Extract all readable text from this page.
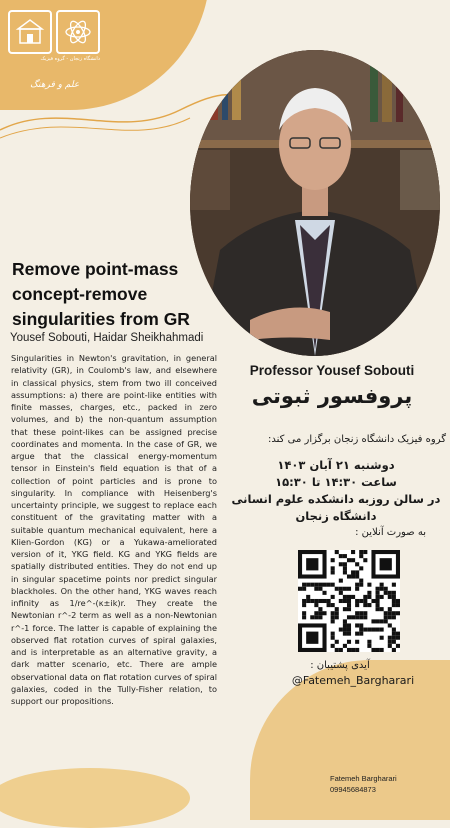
دانشگاه زنجان - گروه فیزیک
علم و فرهنگ
Remove point-mass concept-remove singularities from GR
Yousef Sobouti, Haidar Sheikhahmadi
Singularities in Newton's gravitation, in general relativity (GR), in Coulomb's law, and elsewhere in classical physics, stem from two ill conceived assumptions: a) there are point-like entities with finite masses, charges, etc., packed in zero volumes, and b) the non-quantum assumption that these point-likes can be assigned precise coordinates and momenta. In the case of GR, we argue that the classical energy-momentum tensor in Einstein's field equation is that of a collection of point particles and is prone to singularity. In compliance with Heisenberg's uncertainty principle, we suggest to replace each constituent of the gravitating matter with a suitable quantum mechanical equivalent, here a Klien-Gordon (KG) or a Yukawa-ameliorated version of it, YKG field. KG and YKG fields are spatially distributed entities. They do not end up in singular spacetime points nor predict singular blackholes. On the other hand, YKG waves reach infinity as 1/re^-(κ±ik)r. They create the Newtonian r^-2 term as well as a non-Newtonian r^-1 force. The latter is capable of explaining the observed flat rotation curves of spiral galaxies, and is interpretable as an alternative gravity, a dark matter scenario, etc. There are ample observational data on flat rotation curves of spiral galaxies, coded in the Tully-Fisher relation, to support our propositions.
Professor Yousef Sobouti
پروفسور ثبوتی
گروه فیزیک دانشگاه زنجان برگزار می کند:
دوشنبه ۲۱ آبان ۱۴۰۳
ساعت ۱۴:۳۰ تا ۱۵:۳۰
در سالن روزبه دانشکده علوم انسانی
دانشگاه زنجان
به صورت آنلاین :
آیدی پشتیبان :
@Fatemeh_Bargharari
Fatemeh Bargharari
09945684873
